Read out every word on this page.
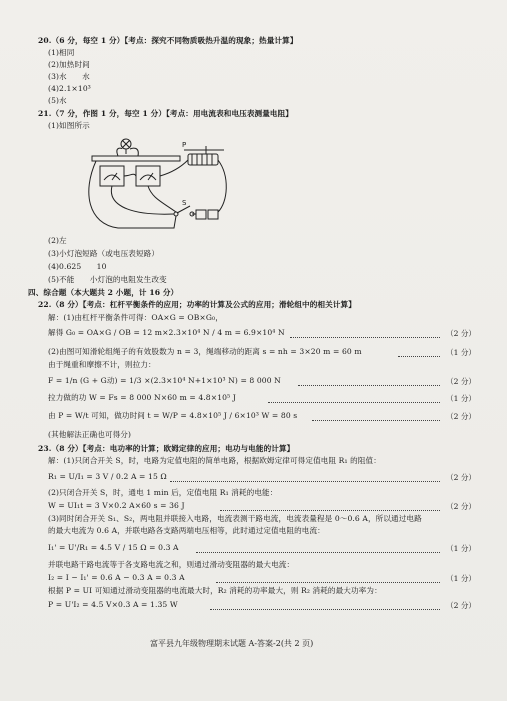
20.（6 分，每空 1 分）【考点：探究不同物质吸热升温的现象；热量计算】
(1)相同
(2)加热时间
(3)水　　水
(4)2.1×10³
(5)水
21.（7 分，作图 1 分，每空 1 分）【考点：用电流表和电压表测量电阻】
(1)如图所示
P
S
(2)左
(3)小灯泡短路（或电压表短路）
(4)0.625　　10
(5)不能　　小灯泡的电阻发生改变
四、综合题（本大题共 2 小题，计 16 分）
22.（8 分）【考点：杠杆平衡条件的应用；功率的计算及公式的应用；滑轮组中的相关计算】
解：(1)由杠杆平衡条件可得：OA×G = OB×G₀，
解得 G₀ = OA×G / OB = 12 m×2.3×10⁴ N / 4 m = 6.9×10⁴ N	（2 分）
(2)由图可知滑轮组绳子的有效股数为 n = 3，绳端移动的距离 s = nh = 3×20 m = 60 m	（1 分）
由于绳重和摩擦不计，则拉力：
F = 1/n (G + G动) = 1/3 ×(2.3×10⁴ N+1×10³ N) = 8 000 N	（2 分）
拉力做的功 W = Fs = 8 000 N×60 m = 4.8×10⁵ J	（1 分）
由 P = W/t 可知，做功时间 t = W/P = 4.8×10⁵ J / 6×10³ W = 80 s	（2 分）
(其他解法正确也可得分)
23.（8 分）【考点：电功率的计算；欧姆定律的应用；电功与电能的计算】
解：(1)只闭合开关 S，时，电路为定值电阻的简单电路，根据欧姆定律可得定值电阻 R₁ 的阻值：
R₁ = U/I₁ = 3 V / 0.2 A = 15 Ω	（2 分）
(2)只闭合开关 S，时，通电 1 min 后，定值电阻 R₁ 消耗的电能：
W = UI₁t = 3 V×0.2 A×60 s = 36 J	（2 分）
(3)同时闭合开关 S₁、S₂，两电阻并联接入电路，电流表测干路电流，电流表量程是 0～0.6 A，所以通过电路
的最大电流为 0.6 A，并联电路各支路两端电压相等，此时通过定值电阻的电流：
I₁' = U'/R₁ = 4.5 V / 15 Ω = 0.3 A	（1 分）
并联电路干路电流等于各支路电流之和，则通过滑动变阻器的最大电流：
I₂ = I − I₁' = 0.6 A − 0.3 A = 0.3 A	（1 分）
根据 P = UI 可知通过滑动变阻器的电流最大时，R₂ 消耗的功率最大，则 R₂ 消耗的最大功率为：
P = U'I₂ = 4.5 V×0.3 A = 1.35 W	（2 分）
富平县九年级物理期末试题 A-答案-2(共 2 页)
